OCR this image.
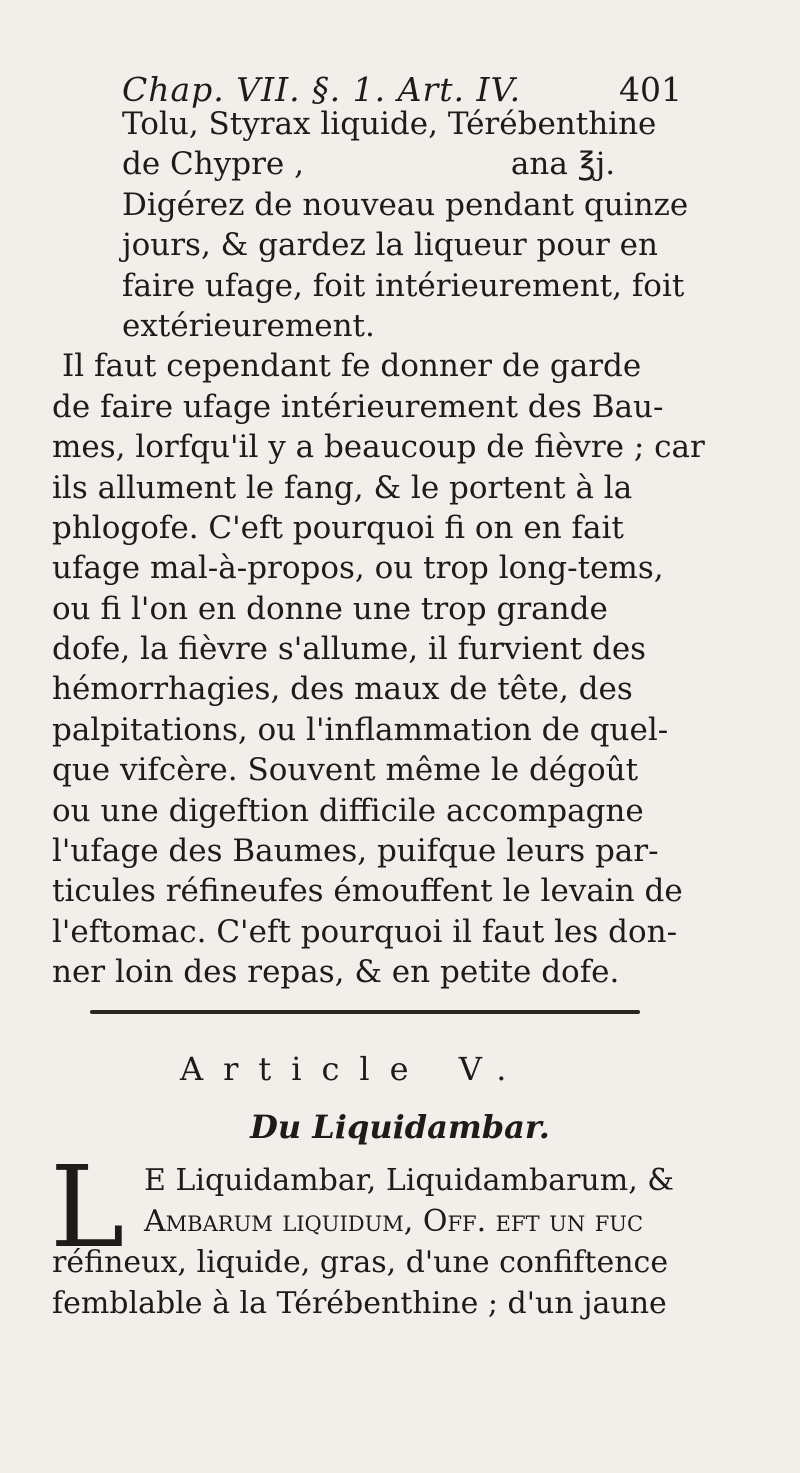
Chap. VII. §. 1. Art. IV.	401
Tolu, Styrax liquide, Térébenthine
de Chypre ,                     ana ℥j.
Digérez de nouveau pendant quinze
jours, & gardez la liqueur pour en
faire ufage, foit intérieurement, foit
extérieurement.
Il faut cependant fe donner de garde
de faire ufage intérieurement des Bau-
mes, lorfqu'il y a beaucoup de fièvre ; car
ils allument le fang, & le portent à la
phlogofe. C'eft pourquoi fi on en fait
ufage mal-à-propos, ou trop long-tems,
ou fi l'on en donne une trop grande
dofe, la fièvre s'allume, il furvient des
hémorrhagies, des maux de tête, des
palpitations, ou l'inflammation de quel-
que vifcère. Souvent même le dégoût
ou une digeftion difficile accompagne
l'ufage des Baumes, puifque leurs par-
ticules réfineufes émouffent le levain de
l'eftomac. C'eft pourquoi il faut les don-
ner loin des repas, & en petite dofe.
Article V.
Du Liquidambar.
L E Liquidambar, Liquidambarum, &
Ambarum liquidum, Off. eft un fuc
réfineux, liquide, gras, d'une confiftence
femblable à la Térébenthine ; d'un jaune
